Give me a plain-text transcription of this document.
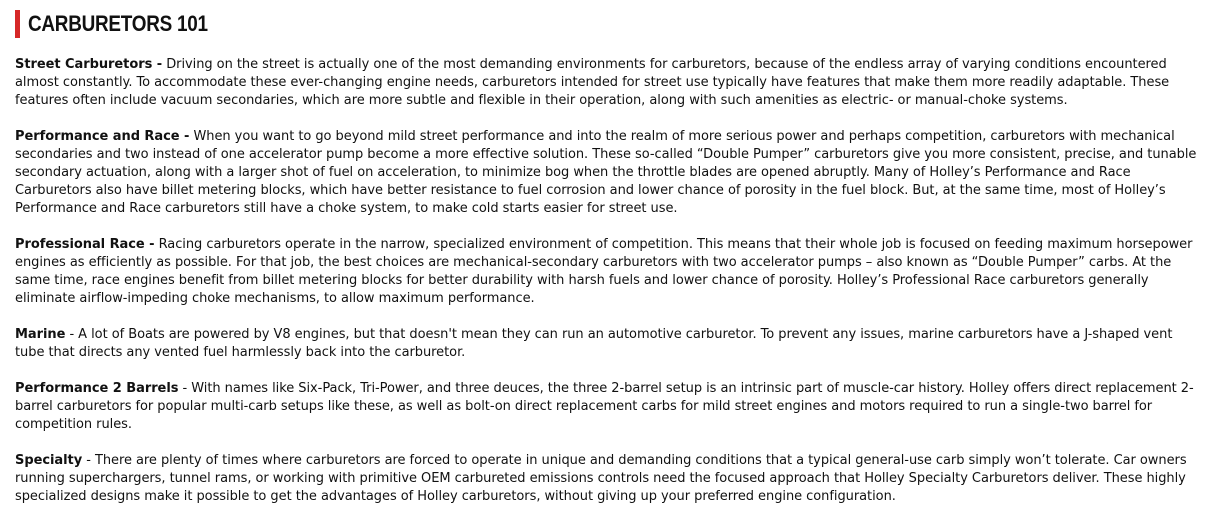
CARBURETORS 101

Street Carburetors - Driving on the street is actually one of the most demanding environments for carburetors, because of the endless array of varying conditions encountered almost constantly. To accommodate these ever-changing engine needs, carburetors intended for street use typically have features that make them more readily adaptable. These features often include vacuum secondaries, which are more subtle and flexible in their operation, along with such amenities as electric- or manual-choke systems.

Performance and Race - When you want to go beyond mild street performance and into the realm of more serious power and perhaps competition, carburetors with mechanical secondaries and two instead of one accelerator pump become a more effective solution. These so-called “Double Pumper” carburetors give you more consistent, precise, and tunable secondary actuation, along with a larger shot of fuel on acceleration, to minimize bog when the throttle blades are opened abruptly. Many of Holley’s Performance and Race Carburetors also have billet metering blocks, which have better resistance to fuel corrosion and lower chance of porosity in the fuel block. But, at the same time, most of Holley’s Performance and Race carburetors still have a choke system, to make cold starts easier for street use.

Professional Race - Racing carburetors operate in the narrow, specialized environment of competition. This means that their whole job is focused on feeding maximum horsepower engines as efficiently as possible. For that job, the best choices are mechanical-secondary carburetors with two accelerator pumps – also known as “Double Pumper” carbs. At the same time, race engines benefit from billet metering blocks for better durability with harsh fuels and lower chance of porosity. Holley’s Professional Race carburetors generally eliminate airflow-impeding choke mechanisms, to allow maximum performance.

Marine - A lot of Boats are powered by V8 engines, but that doesn't mean they can run an automotive carburetor. To prevent any issues, marine carburetors have a J-shaped vent tube that directs any vented fuel harmlessly back into the carburetor.

Performance 2 Barrels - With names like Six-Pack, Tri-Power, and three deuces, the three 2-barrel setup is an intrinsic part of muscle-car history. Holley offers direct replacement 2-barrel carburetors for popular multi-carb setups like these, as well as bolt-on direct replacement carbs for mild street engines and motors required to run a single-two barrel for competition rules.

Specialty - There are plenty of times where carburetors are forced to operate in unique and demanding conditions that a typical general-use carb simply won’t tolerate. Car owners running superchargers, tunnel rams, or working with primitive OEM carbureted emissions controls need the focused approach that Holley Specialty Carburetors deliver. These highly specialized designs make it possible to get the advantages of Holley carburetors, without giving up your preferred engine configuration.
